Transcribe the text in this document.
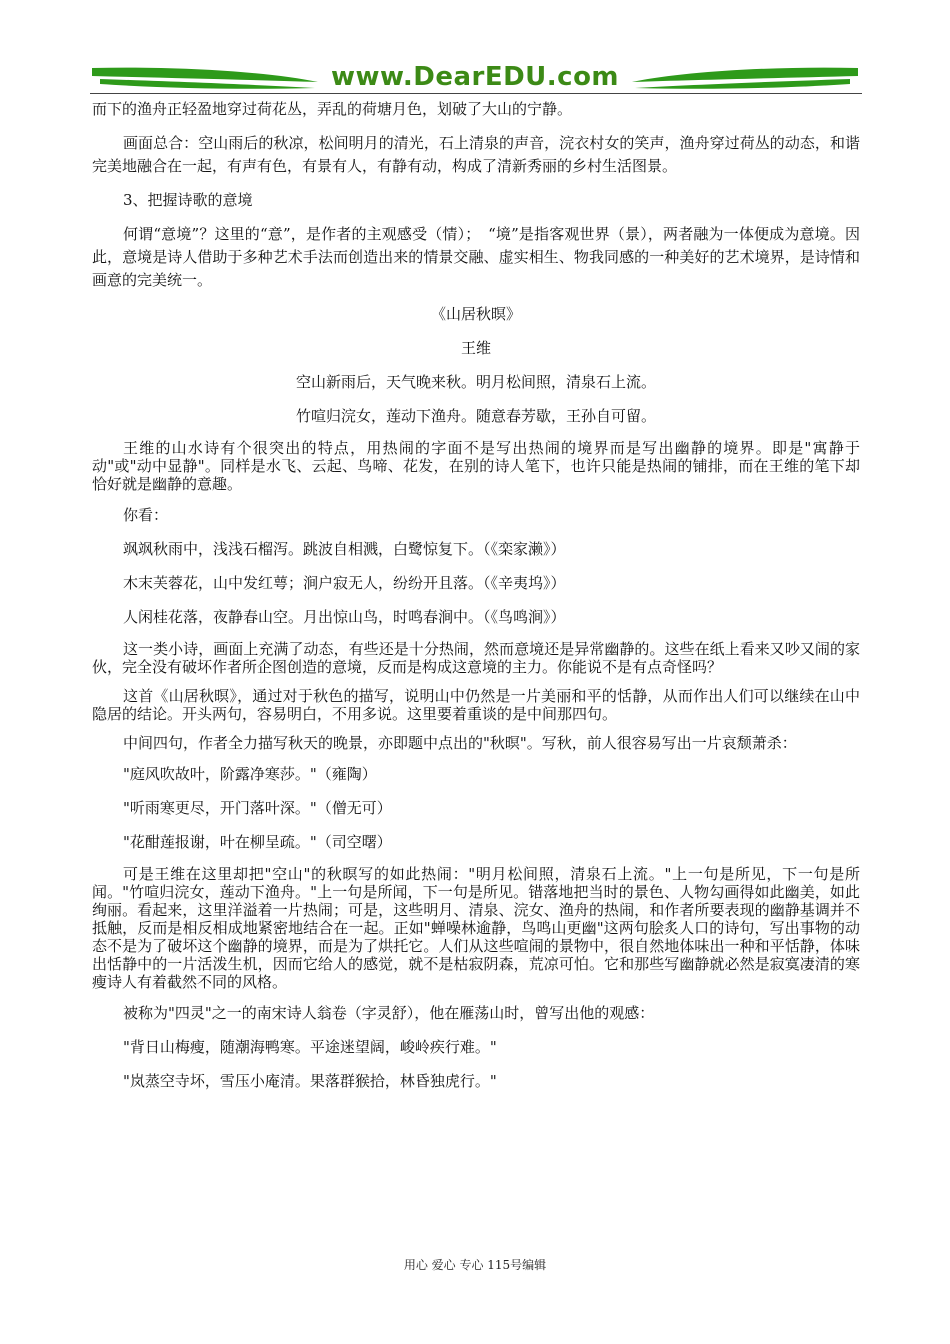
www.DearEDU.com

而下的渔舟正轻盈地穿过荷花丛，弄乱的荷塘月色，划破了大山的宁静。

画面总合：空山雨后的秋凉，松间明月的清光，石上清泉的声音，浣衣村女的笑声，渔舟穿过荷丛的动态，和谐完美地融合在一起，有声有色，有景有人，有静有动，构成了清新秀丽的乡村生活图景。

3、把握诗歌的意境

何谓“意境”？这里的“意”，是作者的主观感受（情）；　“境”是指客观世界（景），两者融为一体便成为意境。因此，意境是诗人借助于多种艺术手法而创造出来的情景交融、虚实相生、物我同感的一种美好的艺术境界，是诗情和画意的完美统一。

《山居秋暝》

王维

空山新雨后，天气晚来秋。明月松间照，清泉石上流。

竹喧归浣女，莲动下渔舟。随意春芳歇，王孙自可留。

王维的山水诗有个很突出的特点，用热闹的字面不是写出热闹的境界而是写出幽静的境界。即是"寓静于动"或"动中显静"。同样是水飞、云起、鸟啼、花发，在别的诗人笔下，也许只能是热闹的铺排，而在王维的笔下却恰好就是幽静的意趣。

你看：

飒飒秋雨中，浅浅石榴泻。跳波自相溅，白鹭惊复下。（《栾家濑》）

木末芙蓉花，山中发红萼；涧户寂无人，纷纷开且落。（《辛夷坞》）

人闲桂花落，夜静春山空。月出惊山鸟，时鸣春涧中。（《鸟鸣涧》）

这一类小诗，画面上充满了动态，有些还是十分热闹，然而意境还是异常幽静的。这些在纸上看来又吵又闹的家伙，完全没有破坏作者所企图创造的意境，反而是构成这意境的主力。你能说不是有点奇怪吗？

这首《山居秋暝》，通过对于秋色的描写，说明山中仍然是一片美丽和平的恬静，从而作出人们可以继续在山中隐居的结论。开头两句，容易明白，不用多说。这里要着重谈的是中间那四句。

中间四句，作者全力描写秋天的晚景，亦即题中点出的"秋暝"。写秋，前人很容易写出一片哀颓萧杀：

"庭风吹故叶，阶露净寒莎。"（雍陶）

"听雨寒更尽，开门落叶深。"（僧无可）

"花酣莲报谢，叶在柳呈疏。"（司空曙）

可是王维在这里却把"空山"的秋暝写的如此热闹："明月松间照，清泉石上流。"上一句是所见，下一句是所闻。"竹喧归浣女，莲动下渔舟。"上一句是所闻，下一句是所见。错落地把当时的景色、人物勾画得如此幽美，如此绚丽。看起来，这里洋溢着一片热闹；可是，这些明月、清泉、浣女、渔舟的热闹，和作者所要表现的幽静基调并不抵触，反而是相反相成地紧密地结合在一起。正如"蝉噪林逾静，鸟鸣山更幽"这两句脍炙人口的诗句，写出事物的动态不是为了破坏这个幽静的境界，而是为了烘托它。人们从这些喧闹的景物中，很自然地体味出一种和平恬静，体味出恬静中的一片活泼生机，因而它给人的感觉，就不是枯寂阴森，荒凉可怕。它和那些写幽静就必然是寂寞凄清的寒瘦诗人有着截然不同的风格。

被称为"四灵"之一的南宋诗人翁卷（字灵舒），他在雁荡山时，曾写出他的观感：

"背日山梅瘦，随潮海鸭寒。平途迷望阔，峻岭疾行难。"

"岚蒸空寺坏，雪压小庵清。果落群猴拾，林昏独虎行。"

用心 爱心 专心 115号编辑
